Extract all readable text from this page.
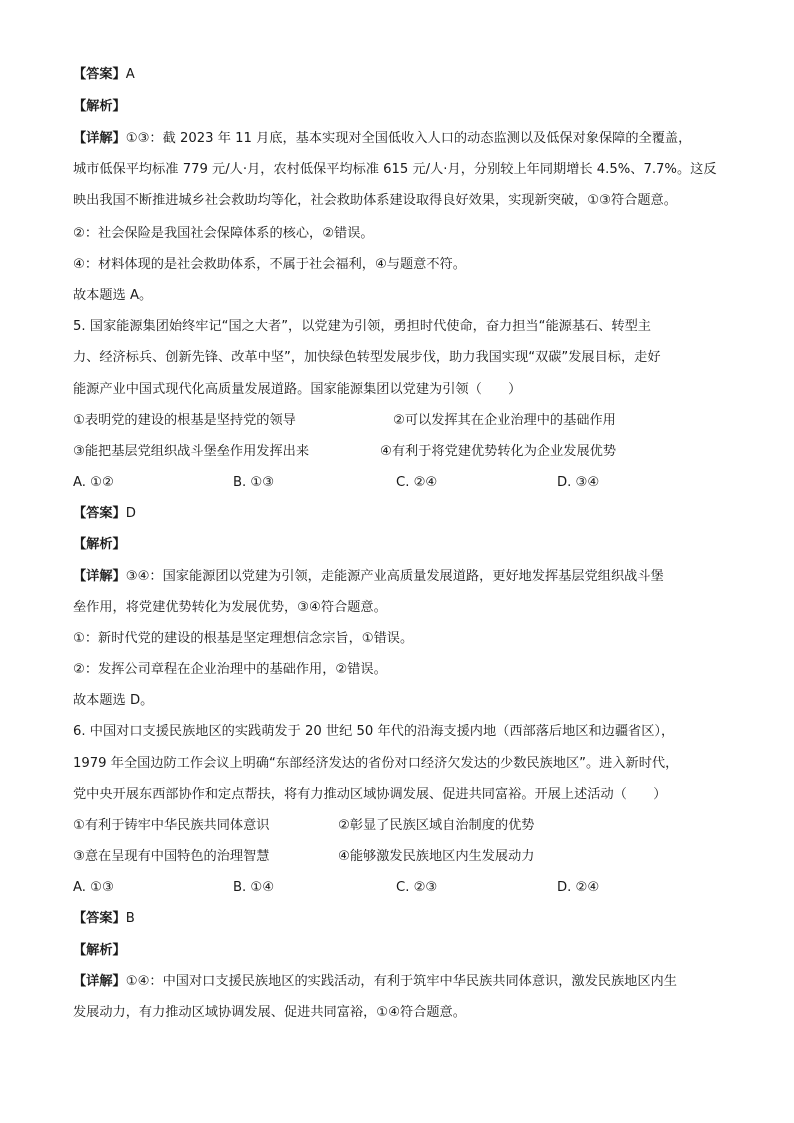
【答案】A
【解析】
【详解】①③：截 2023 年 11 月底，基本实现对全国低收入人口的动态监测以及低保对象保障的全覆盖，
城市低保平均标准 779 元/人·月，农村低保平均标准 615 元/人·月，分别较上年同期增长 4.5%、7.7%。这反
映出我国不断推进城乡社会救助均等化，社会救助体系建设取得良好效果，实现新突破，①③符合题意。
②：社会保险是我国社会保障体系的核心，②错误。
④：材料体现的是社会救助体系，不属于社会福利，④与题意不符。
故本题选 A。
5. 国家能源集团始终牢记“国之大者”，以党建为引领，勇担时代使命，奋力担当“能源基石、转型主
力、经济标兵、创新先锋、改革中坚”，加快绿色转型发展步伐，助力我国实现“双碳”发展目标，走好
能源产业中国式现代化高质量发展道路。国家能源集团以党建为引领（　　）
①表明党的建设的根基是坚持党的领导	②可以发挥其在企业治理中的基础作用
③能把基层党组织战斗堡垒作用发挥出来	④有利于将党建优势转化为企业发展优势
A. ①②	B. ①③	C. ②④	D. ③④
【答案】D
【解析】
【详解】③④：国家能源团以党建为引领，走能源产业高质量发展道路，更好地发挥基层党组织战斗堡
垒作用，将党建优势转化为发展优势，③④符合题意。
①：新时代党的建设的根基是坚定理想信念宗旨，①错误。
②：发挥公司章程在企业治理中的基础作用，②错误。
故本题选 D。
6. 中国对口支援民族地区的实践萌发于 20 世纪 50 年代的沿海支援内地（西部落后地区和边疆省区），
1979 年全国边防工作会议上明确“东部经济发达的省份对口经济欠发达的少数民族地区”。进入新时代，
党中央开展东西部协作和定点帮扶，将有力推动区域协调发展、促进共同富裕。开展上述活动（　　）
①有利于铸牢中华民族共同体意识	②彰显了民族区域自治制度的优势
③意在呈现有中国特色的治理智慧	④能够激发民族地区内生发展动力
A. ①③	B. ①④	C. ②③	D. ②④
【答案】B
【解析】
【详解】①④：中国对口支援民族地区的实践活动，有利于筑牢中华民族共同体意识，激发民族地区内生
发展动力，有力推动区域协调发展、促进共同富裕，①④符合题意。
